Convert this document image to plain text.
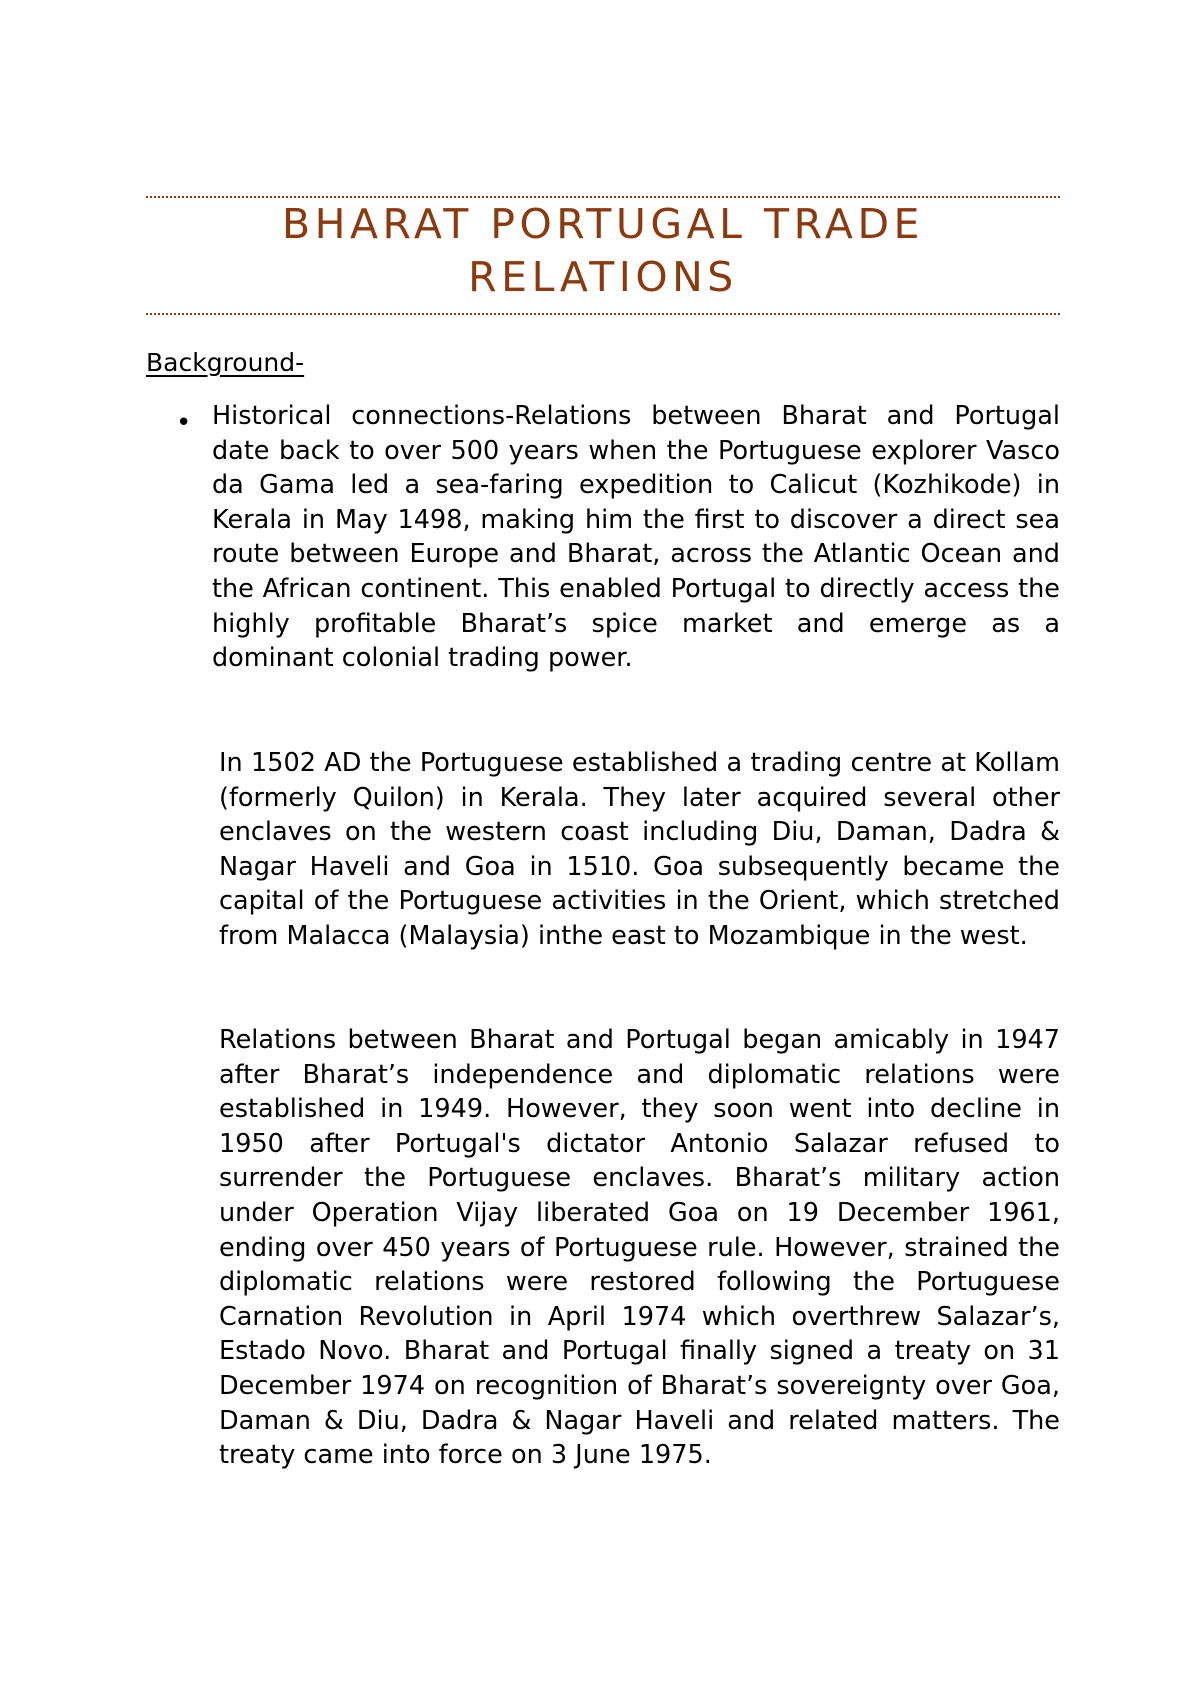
BHARAT PORTUGAL TRADE RELATIONS
Background-
• Historical connections-Relations between Bharat and Portugal date back to over 500 years when the Portuguese explorer Vasco da Gama led a sea-faring expedition to Calicut (Kozhikode) in Kerala in May 1498, making him the first to discover a direct sea route between Europe and Bharat, across the Atlantic Ocean and the African continent. This enabled Portugal to directly access the highly profitable Bharat’s spice market and emerge as a dominant colonial trading power.

In 1502 AD the Portuguese established a trading centre at Kollam (formerly Quilon) in Kerala. They later acquired several other enclaves on the western coast including Diu, Daman, Dadra & Nagar Haveli and Goa in 1510. Goa subsequently became the capital of the Portuguese activities in the Orient, which stretched from Malacca (Malaysia) inthe east to Mozambique in the west.

Relations between Bharat and Portugal began amicably in 1947 after Bharat’s independence and diplomatic relations were established in 1949. However, they soon went into decline in 1950 after Portugal's dictator Antonio Salazar refused to surrender the Portuguese enclaves. Bharat’s military action under Operation Vijay liberated Goa on 19 December 1961, ending over 450 years of Portuguese rule. However, strained the diplomatic relations were restored following the Portuguese Carnation Revolution in April 1974 which overthrew Salazar’s, Estado Novo. Bharat and Portugal finally signed a treaty on 31 December 1974 on recognition of Bharat’s sovereignty over Goa, Daman & Diu, Dadra & Nagar Haveli and related matters. The treaty came into force on 3 June 1975.
